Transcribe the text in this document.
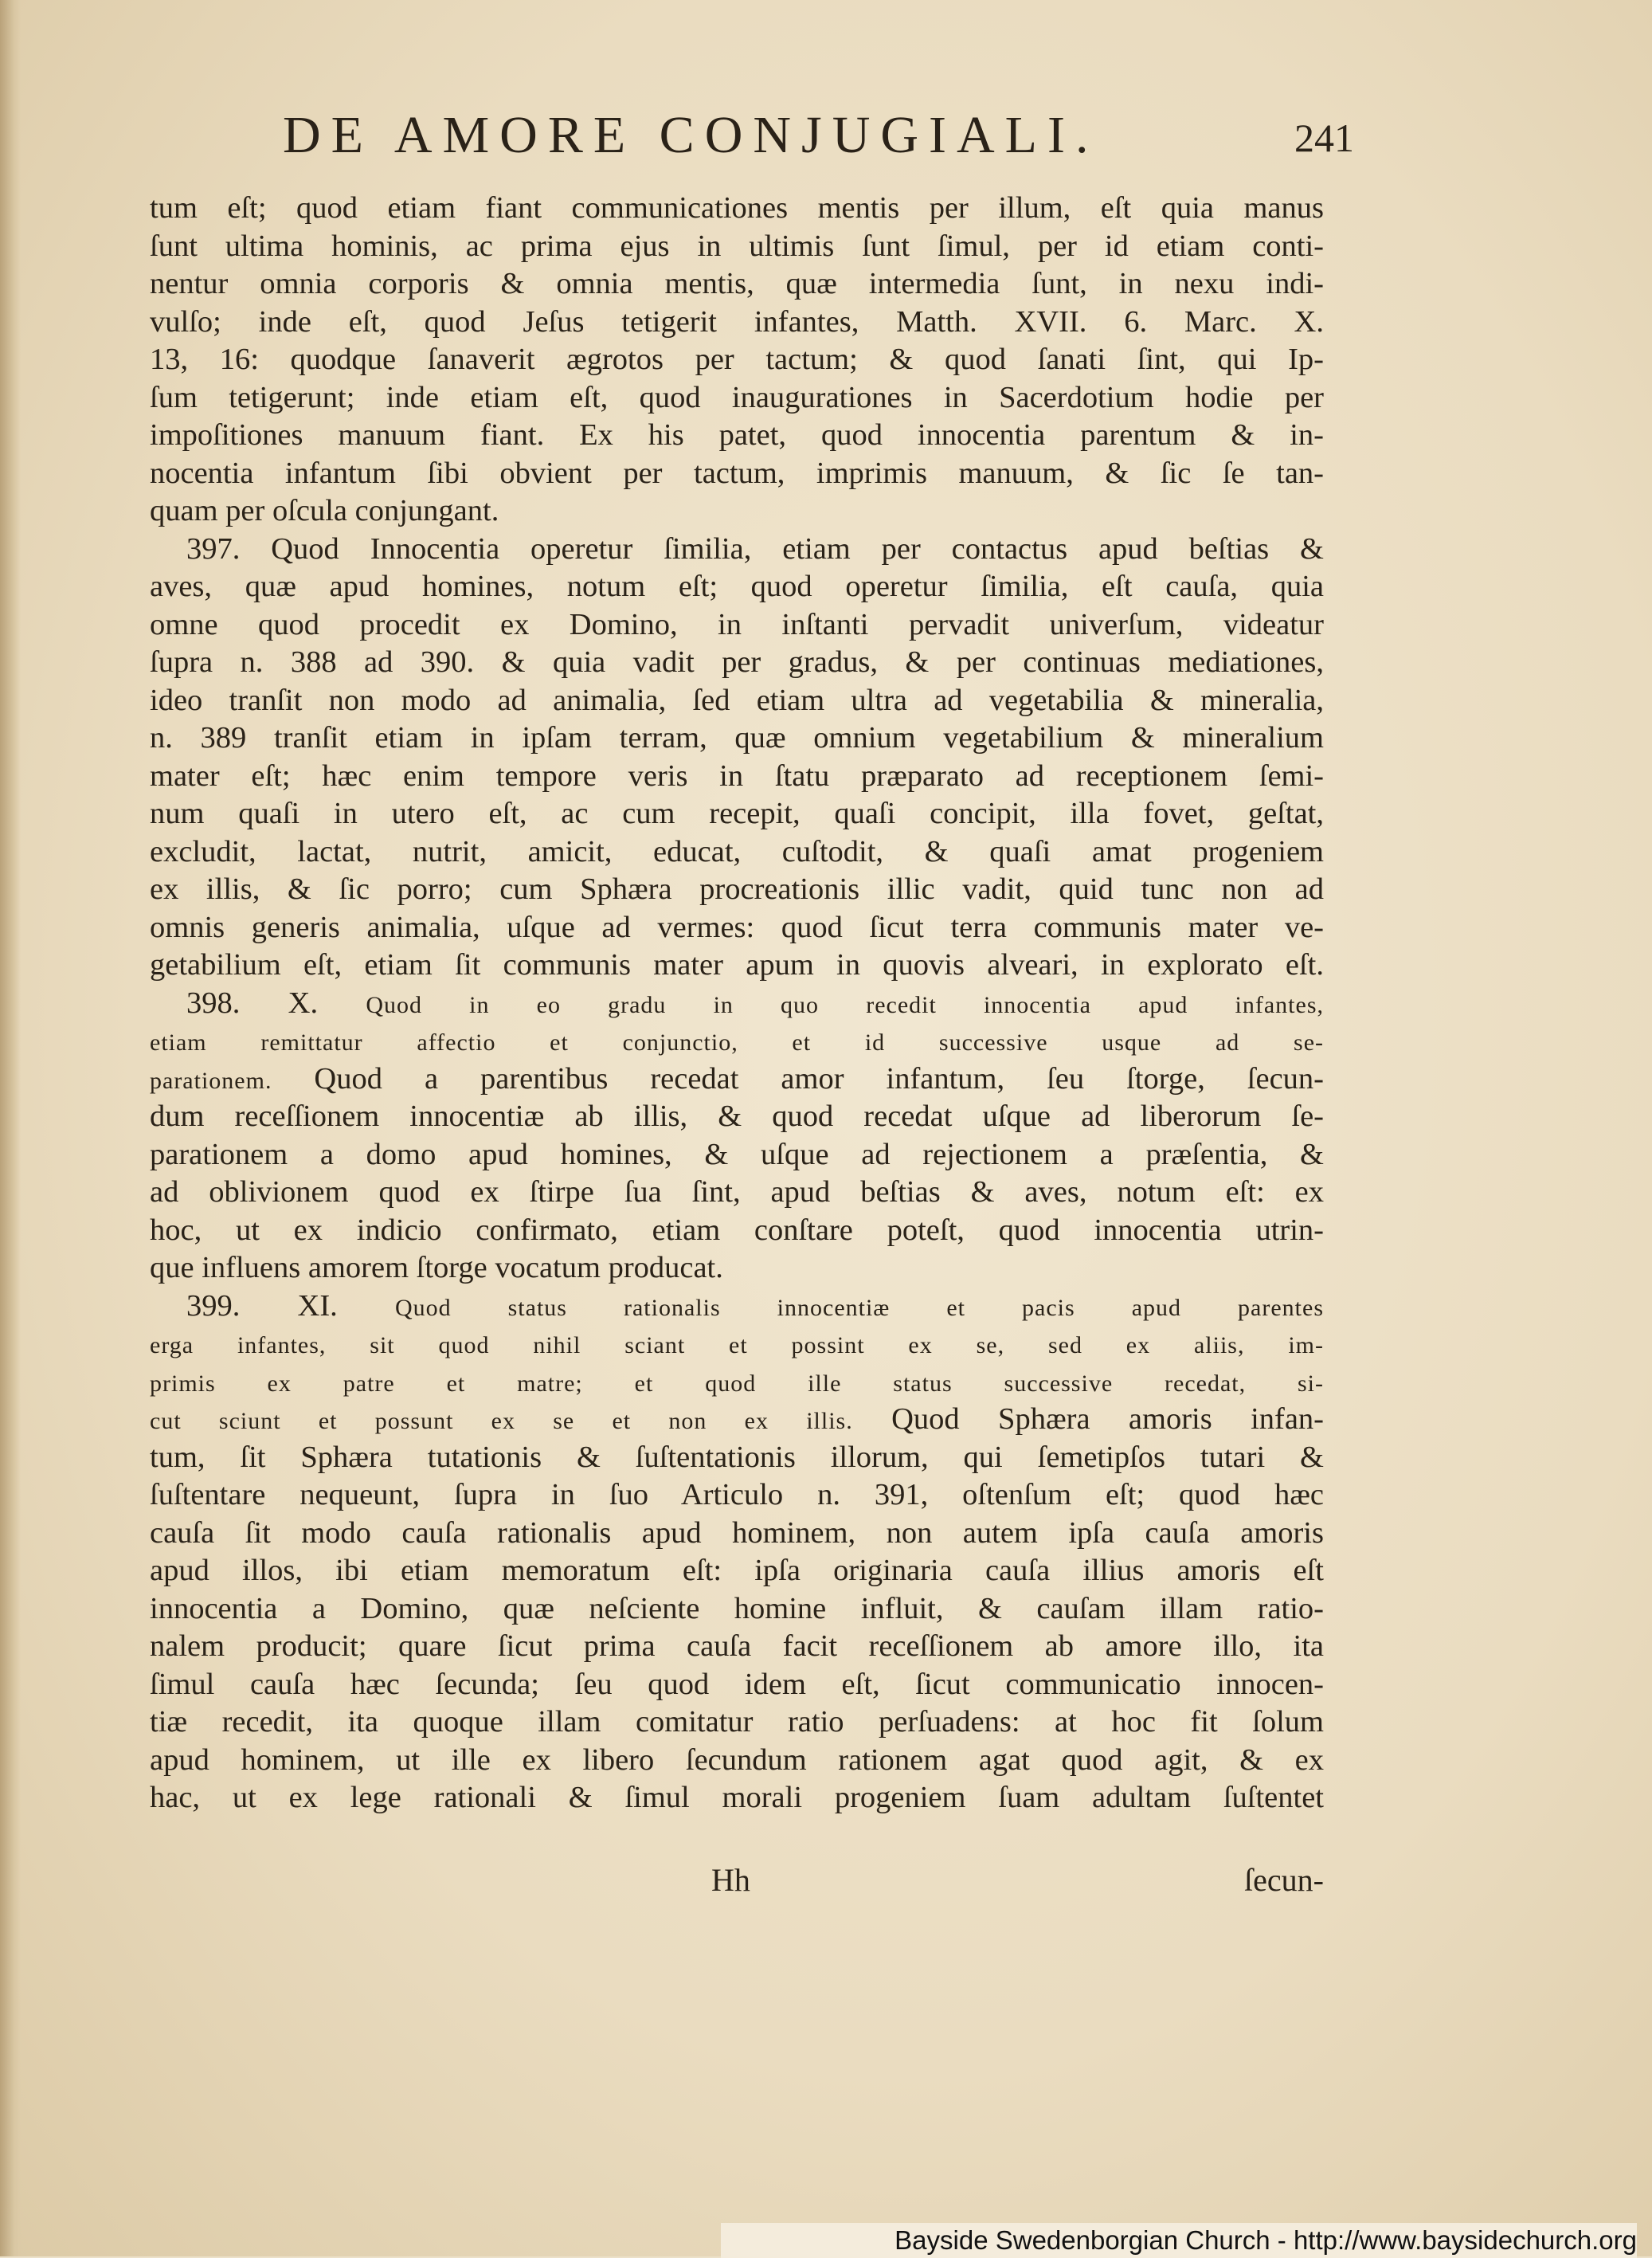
DE AMORE CONJUGIALI.	241
tum eſt; quod etiam fiant communicationes mentis per illum, eſt quia manus
ſunt ultima hominis, ac prima ejus in ultimis ſunt ſimul, per id etiam conti-
nentur omnia corporis & omnia mentis, quæ intermedia ſunt, in nexu indi-
vulſo; inde eſt, quod Jeſus tetigerit infantes, Matth. XVII. 6. Marc. X.
13, 16: quodque ſanaverit ægrotos per tactum; & quod ſanati ſint, qui Ip-
ſum tetigerunt; inde etiam eſt, quod inaugurationes in Sacerdotium hodie per
impoſitiones manuum fiant. Ex his patet, quod innocentia parentum & in-
nocentia infantum ſibi obvient per tactum, imprimis manuum, & ſic ſe tan-
quam per oſcula conjungant.
397. Quod Innocentia operetur ſimilia, etiam per contactus apud beſtias &
aves, quæ apud homines, notum eſt; quod operetur ſimilia, eſt cauſa, quia
omne quod procedit ex Domino, in inſtanti pervadit univerſum, videatur
ſupra n. 388 ad 390. & quia vadit per gradus, & per continuas mediationes,
ideo tranſit non modo ad animalia, ſed etiam ultra ad vegetabilia & mineralia,
n. 389 tranſit etiam in ipſam terram, quæ omnium vegetabilium & mineralium
mater eſt; hæc enim tempore veris in ſtatu præparato ad receptionem ſemi-
num quaſi in utero eſt, ac cum recepit, quaſi concipit, illa fovet, geſtat,
excludit, lactat, nutrit, amicit, educat, cuſtodit, & quaſi amat progeniem
ex illis, & ſic porro; cum Sphæra procreationis illic vadit, quid tunc non ad
omnis generis animalia, uſque ad vermes: quod ſicut terra communis mater ve-
getabilium eſt, etiam ſit communis mater apum in quovis alveari, in explorato eſt.
398. X. Quod in eo gradu in quo recedit innocentia apud infantes,
etiam remittatur affectio et conjunctio, et id successive usque ad se-
parationem. Quod a parentibus recedat amor infantum, ſeu ſtorge, ſecun-
dum receſſionem innocentiæ ab illis, & quod recedat uſque ad liberorum ſe-
parationem a domo apud homines, & uſque ad rejectionem a præſentia, &
ad oblivionem quod ex ſtirpe ſua ſint, apud beſtias & aves, notum eſt: ex
hoc, ut ex indicio confirmato, etiam conſtare poteſt, quod innocentia utrin-
que influens amorem ſtorge vocatum producat.
399. XI. Quod status rationalis innocentiæ et pacis apud parentes
erga infantes, sit quod nihil sciant et possint ex se, sed ex aliis, im-
primis ex patre et matre; et quod ille status successive recedat, si-
cut sciunt et possunt ex se et non ex illis. Quod Sphæra amoris infan-
tum, ſit Sphæra tutationis & ſuſtentationis illorum, qui ſemetipſos tutari &
ſuſtentare nequeunt, ſupra in ſuo Articulo n. 391, oſtenſum eſt; quod hæc
cauſa ſit modo cauſa rationalis apud hominem, non autem ipſa cauſa amoris
apud illos, ibi etiam memoratum eſt: ipſa originaria cauſa illius amoris eſt
innocentia a Domino, quæ neſciente homine influit, & cauſam illam ratio-
nalem producit; quare ſicut prima cauſa facit receſſionem ab amore illo, ita
ſimul cauſa hæc ſecunda; ſeu quod idem eſt, ſicut communicatio innocen-
tiæ recedit, ita quoque illam comitatur ratio perſuadens: at hoc fit ſolum
apud hominem, ut ille ex libero ſecundum rationem agat quod agit, & ex
hac, ut ex lege rationali & ſimul morali progeniem ſuam adultam ſuſtentet
Hh	ſecun-
Bayside Swedenborgian Church - http://www.baysidechurch.org
